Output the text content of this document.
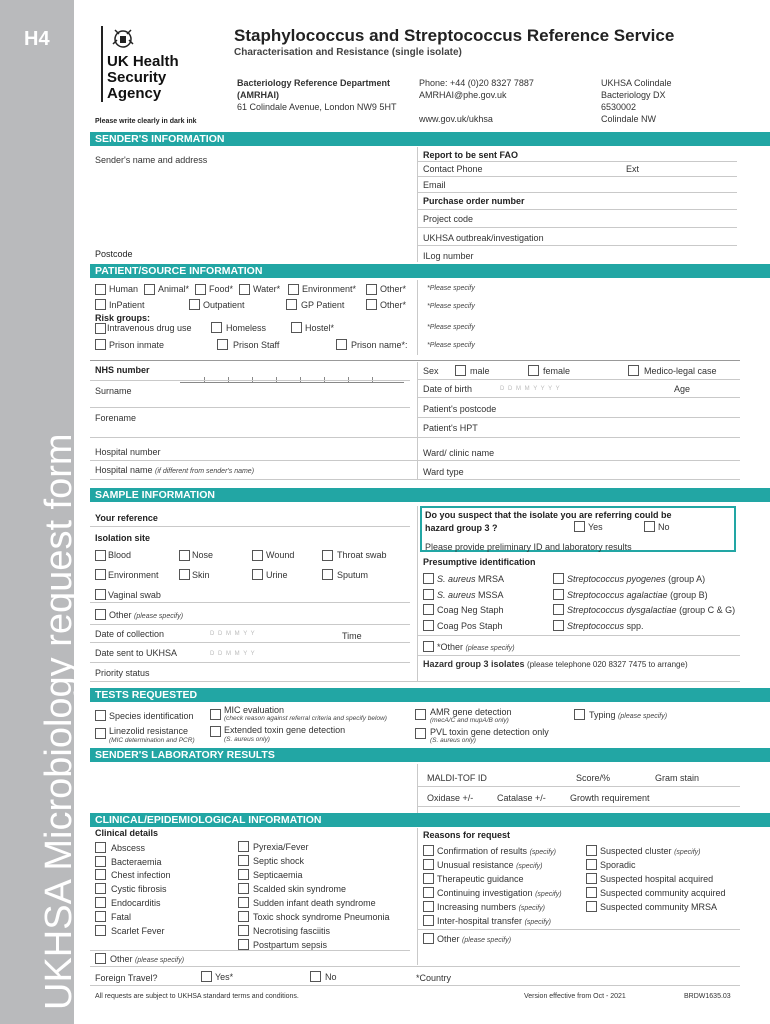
H4
UKHSA Microbiology request form
UK Health
Security
Agency
Staphylococcus and Streptococcus Reference Service
Characterisation and Resistance (single isolate)
Bacteriology Reference Department
(AMRHAI)
61 Colindale Avenue, London NW9 5HT
Phone: +44 (0)20 8327 7887
AMRHAI@phe.gov.uk

www.gov.uk/ukhsa
UKHSA Colindale
Bacteriology DX
6530002
Colindale NW
Please write clearly in dark ink
SENDER'S INFORMATION
Sender's name and address
Postcode
Report to be sent FAO
Contact Phone	Ext
Email
Purchase order number
Project code
UKHSA outbreak/investigation
ILog number
PATIENT/SOURCE INFORMATION
Human Animal* Food* Water* Environment*	Other*	*Please specify
InPatient	Outpatient	GP Patient	Other*	*Please specify
Risk groups:
Intravenous drug use	Homeless	Hostel*	*Please specify
Prison inmate	Prison Staff	Prison name*:	*Please specify
NHS number
Surname
Forename
Hospital number
Hospital name (if different from sender's name)
Sex	male	female	Medico-legal case
Date of birth	D D M M Y Y Y Y	Age
Patient's postcode
Patient's HPT
Ward/ clinic name
Ward type
SAMPLE INFORMATION
Your reference
Isolation site
Blood	Nose	Wound	Throat swab
Environment	Skin	Urine	Sputum
Vaginal swab
Other (please specify)
Date of collection	D D M M Y Y	Time
Date sent to UKHSA	D D M M Y Y
Priority status
Do you suspect that the isolate you are referring could be
hazard group 3 ?	Yes	No
Please provide preliminary ID and laboratory results
Presumptive identification
S. aureus MRSA
S. aureus MSSA
Coag Neg Staph
Coag Pos Staph
Streptococcus pyogenes (group A)
Streptococcus agalactiae (group B)
Streptococcus dysgalactiae (group C & G)
Streptococcus spp.
*Other (please specify)
Hazard group 3 isolates (please telephone 020 8327 7475 to arrange)
TESTS REQUESTED
Species identification
MIC evaluation
(check reason against referral criteria and specify below)
AMR gene detection
(mecA/C and mupA/B only)
Typing (please specify)
Linezolid resistance
(MIC determination and PCR)
Extended toxin gene detection
(S. aureus only)
PVL toxin gene detection only
(S. aureus only)
SENDER'S LABORATORY RESULTS
MALDI-TOF ID	Score/%	Gram stain
Oxidase +/-	Catalase +/-	Growth requirement
CLINICAL/EPIDEMIOLOGICAL INFORMATION
Clinical details
Abscess
Bacteraemia
Chest infection
Cystic fibrosis
Endocarditis
Fatal
Scarlet Fever
Pyrexia/Fever
Septic shock
Septicaemia
Scalded skin syndrome
Sudden infant death syndrome
Toxic shock syndrome Pneumonia
Necrotising fasciitis
Postpartum sepsis
Other (please specify)
Reasons for request
Confirmation of results (specify)
Unusual resistance (specify)
Therapeutic guidance
Continuing investigation (specify)
Increasing numbers (specify)
Inter-hospital transfer (specify)
Other (please specify)
Suspected cluster (specify)
Sporadic
Suspected hospital acquired
Suspected community acquired
Suspected community MRSA
Foreign Travel?	Yes*	No	*Country
All requests are subject to UKHSA standard terms and conditions.	Version effective from Oct - 2021	BRDW1635.03
